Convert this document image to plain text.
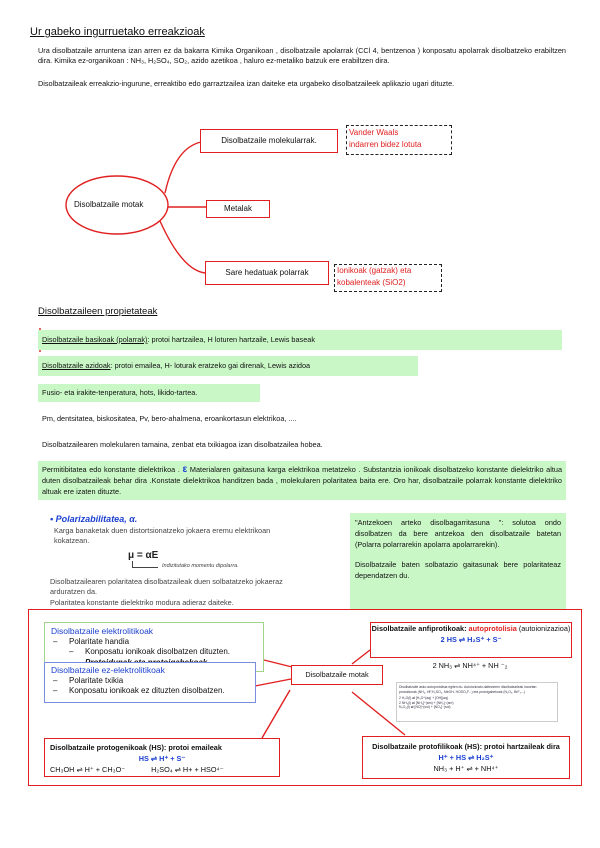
Ur gabeko ingurruetako erreakzioak
Ura disolbatzaile arruntena izan arren ez da bakarra Kimika Organikoan , disolbatzaile apolarrak (CCl 4, bentzenoa ) konposatu apolarrak disolbatzeko erabiltzen dira. Kimika ez-organikoan : NH₃, H₂SO₄, SO₂, azido azetikoa , haluro ez-metaliko batzuk ere erabiltzen dira.
Disolbatzaileak erreakzio-ingurune, erreaktibo edo garraztzailea izan daiteke eta urgabeko disolbatzaileek aplikazio ugari dituzte.
Disolbatzaile motak
Disolbatzaile molekularrak.
Vander Waals
indarren bidez lotuta
Metalak
Sare hedatuak polarrak	Ionikoak (gatzak) eta
kobalenteak (SiO2)
Disolbatzaileen propietateak
Disolbatzaile basikoak (polarrak): protoi hartzailea, H loturen hartzaile, Lewis baseak
Disolbatzaile azidoak: protoi emailea, H- loturak eratzeko gai direnak, Lewis azidoa
Fusio- eta irakite-tenperatura, hots, likido-tartea.
Pm, dentsitatea, biskositatea, Pv, bero-ahalmena, eroankortasun elektrikoa, ....
Disolbatzailearen molekularen tamaina, zenbat eta txikiagoa izan disolbatzailea hobea.
Permitibitatea edo konstante dielektrikoa . ε Materialaren gaitasuna karga elektrikoa metatzeko . Substantzia ionikoak disolbatzeko konstante dielektriko altua duten disolbatzaileak behar dira .Konstate dielektrikoa handitzen bada , molekularen polaritatea baita ere. Oro har, disolbatzaile polarrak konstante dielektriko altuak ere izaten dituzte.
• Polarizabilitatea, α.
Karga banaketak duen distortsionatzeko jokaera eremu elektrikoan kokatzean.
μ = αE
Indizitutako momentu dipolarra.
Disolbatzailearen polaritatea disolbatzaileak duen solbatatzeko jokaeraz arduratzen da.
Polaritatea konstante dielektriko modura adieraz daiteke.
"Antzekoen arteko disolbagarritasuna ": solutoa ondo disolbatzen da bere antzekoa den disolbatzaile batetan (Polarra polarrarekin apolarra apolarrarekin).
Disolbatzaile baten solbatazio gaitasunak bere polaritateaz dependatzen du.
Disolbatzaile elektrolitikoak
– Polaritate handia
– Konposatu ionikoak disolbatzen dituzten.
–
Disolbatzaile ez-elektrolitikoak
– Polaritate txikia
– Konposatu ionikoak ez dituzten disolbatzen.
Disolbatzaile motak
Disolbatzaile anfiprotikoak: autoprotolisia (autoionizazioa)
2 HS ⇌ H₂S⁺ + S⁻
2 NH₃ ⇌ NH⁴⁺ + NH ⁻₂
Disolbatzaile asko autoprotolisia egiten du. Autoionizatu daitezkeen disolbatzaileak hauetan protoidunak (NH₃, HF,H₂SO₄, MeOH, HOSO₂F...) eta protoigabekoak (N₂O₄, BrF₃...)
2 H₂O(l) ⇌ [H₃O⁺(aq) + [OH](aq)
2 NH₃(l) ⇌ [NH₄]⁺(am) + [NH₂]⁻(am)
N₂O₄(l) ⇌ [NO]⁺(sol) + [NO₃]⁻(sol)
Disolbatzaile protogenikoak (HS): protoi emaileak
HS ⇌ H⁺ + S⁻
CH₃OH ⇌ H⁺ + CH₃O⁻	H₂SO₄ ⇌ H+ + HSO⁴⁻
Disolbatzaile protofilikoak (HS): protoi hartzaileak dira
H⁺ + HS ⇌ H₂S⁺
NH₃ + H⁺ ⇌ + NH⁴⁺
